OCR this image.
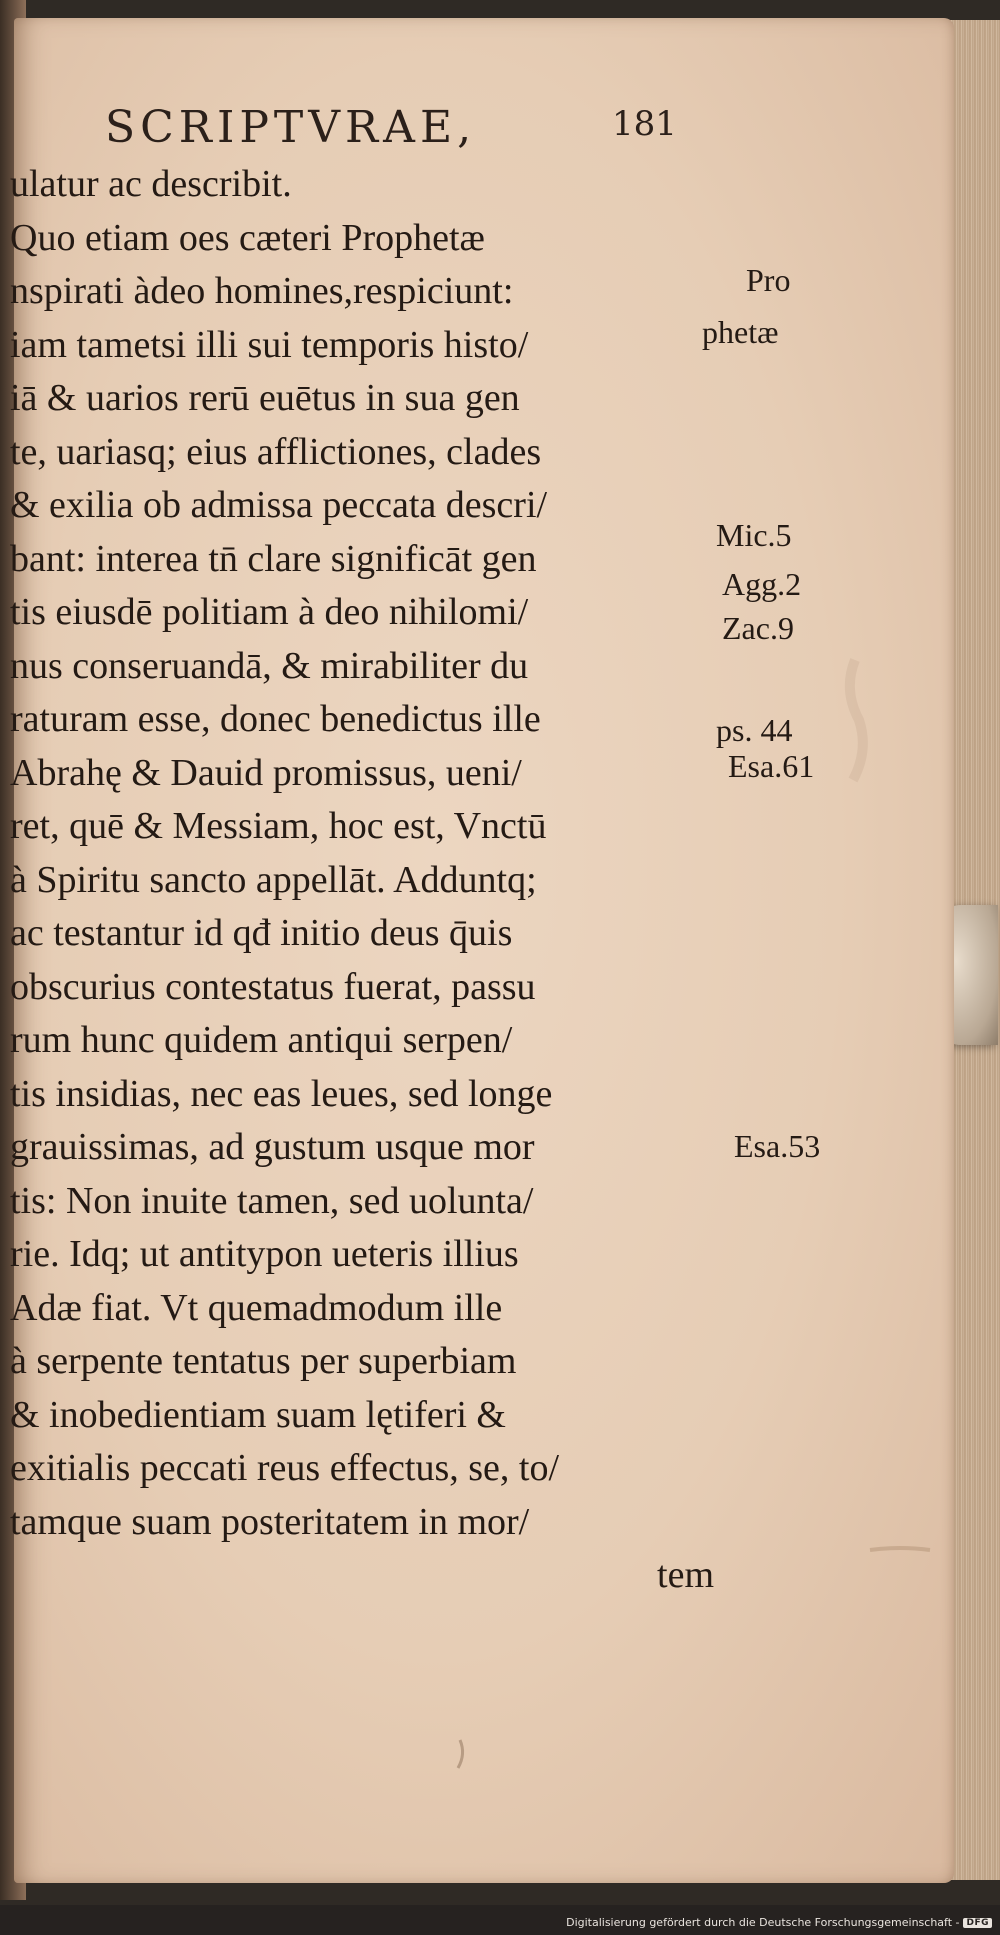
SCRIPTVRAE,	181
ulatur ac describit.
Quo etiam oes cæteri Prophetæ
nspirati àdeo homines,respiciunt:
iam tametsi illi sui temporis histo/
iā & uarios rerū euētus in sua gen
te, uariasq; eius afflictiones, clades
& exilia ob admissa peccata descri/
bant: interea tn̄ clare significāt gen
tis eiusdē politiam à deo nihilomi/
nus conseruandā, & mirabiliter du
raturam esse, donec benedictus ille
Abrahę & Dauid promissus, ueni/
ret, quē & Messiam, hoc est, Vnctū
à Spiritu sancto appellāt. Adduntq;
ac testantur id qđ initio deus q̄uis
obscurius contestatus fuerat, passu
rum hunc quidem antiqui serpen/
tis insidias, nec eas leues, sed longe
grauissimas, ad gustum usque mor
tis: Non inuite tamen, sed uolunta/
rie. Idq; ut antitypon ueteris illius
Adæ fiat. Vt quemadmodum ille
à serpente tentatus per superbiam
& inobedientiam suam lętiferi &
exitialis peccati reus effectus, se, to/
tamque suam posteritatem in mor/
tem
Pro
phetæ
Mic.5
Agg.2
Zac.9
ps. 44
Esa.61
Esa.53
Digitalisierung gefördert durch die Deutsche Forschungsgemeinschaft - DFG
